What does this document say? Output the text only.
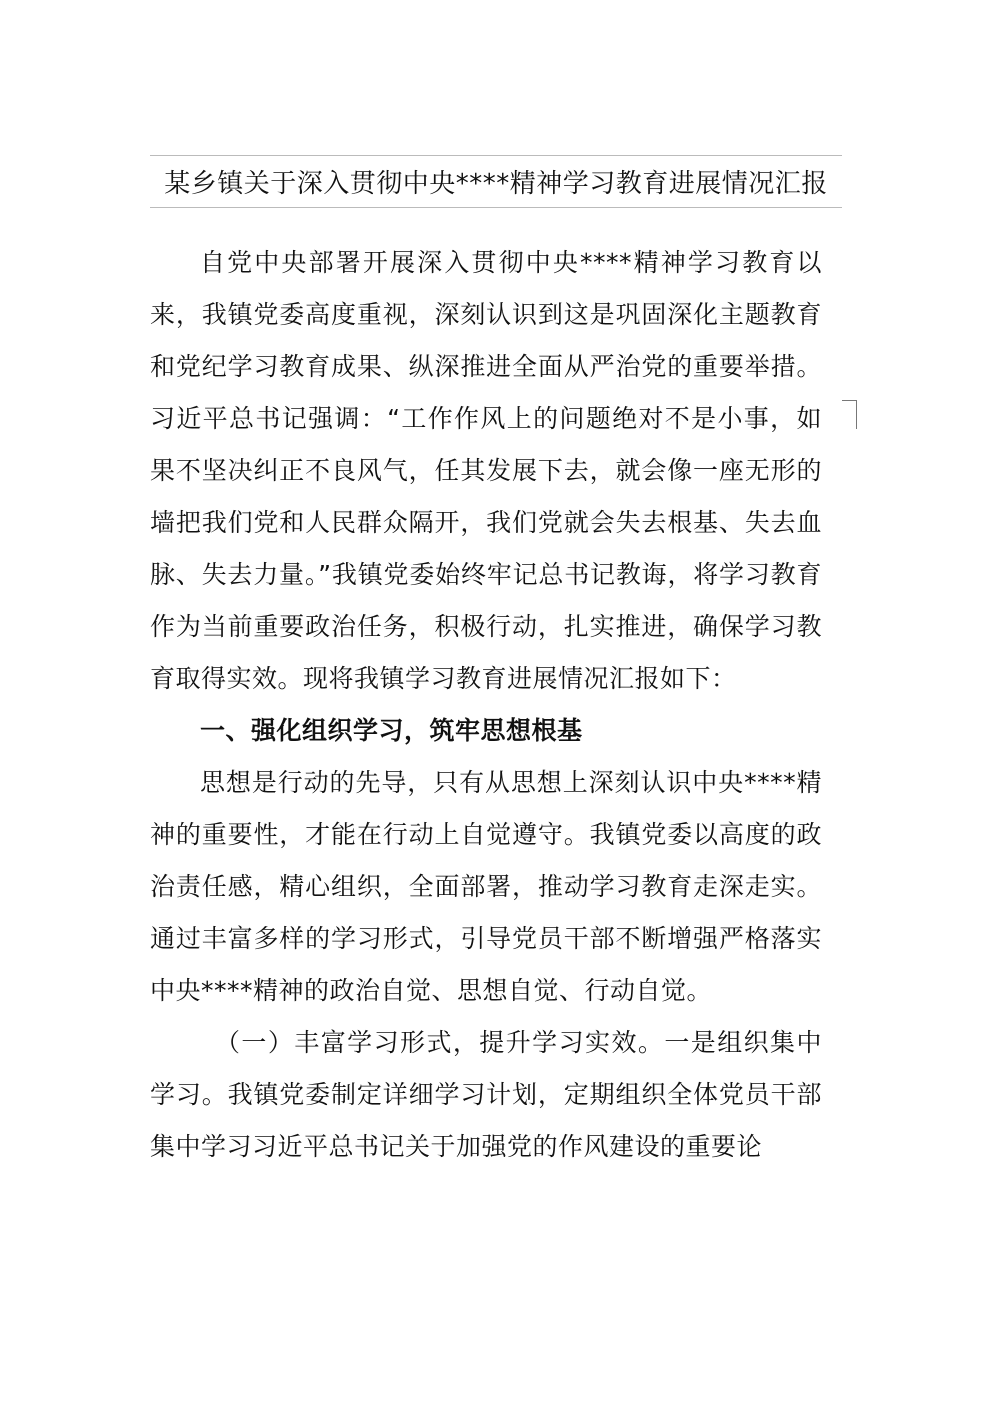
某乡镇关于深入贯彻中央****精神学习教育进展情况汇报

自党中央部署开展深入贯彻中央****精神学习教育以来，我镇党委高度重视，深刻认识到这是巩固深化主题教育和党纪学习教育成果、纵深推进全面从严治党的重要举措。习近平总书记强调：“工作作风上的问题绝对不是小事，如果不坚决纠正不良风气，任其发展下去，就会像一座无形的墙把我们党和人民群众隔开，我们党就会失去根基、失去血脉、失去力量。”我镇党委始终牢记总书记教诲，将学习教育作为当前重要政治任务，积极行动，扎实推进，确保学习教育取得实效。现将我镇学习教育进展情况汇报如下：

一、强化组织学习，筑牢思想根基

思想是行动的先导，只有从思想上深刻认识中央****精神的重要性，才能在行动上自觉遵守。我镇党委以高度的政治责任感，精心组织，全面部署，推动学习教育走深走实。通过丰富多样的学习形式，引导党员干部不断增强严格落实中央****精神的政治自觉、思想自觉、行动自觉。

（一）丰富学习形式，提升学习实效。一是组织集中学习。我镇党委制定详细学习计划，定期组织全体党员干部集中学习习近平总书记关于加强党的作风建设的重要论
